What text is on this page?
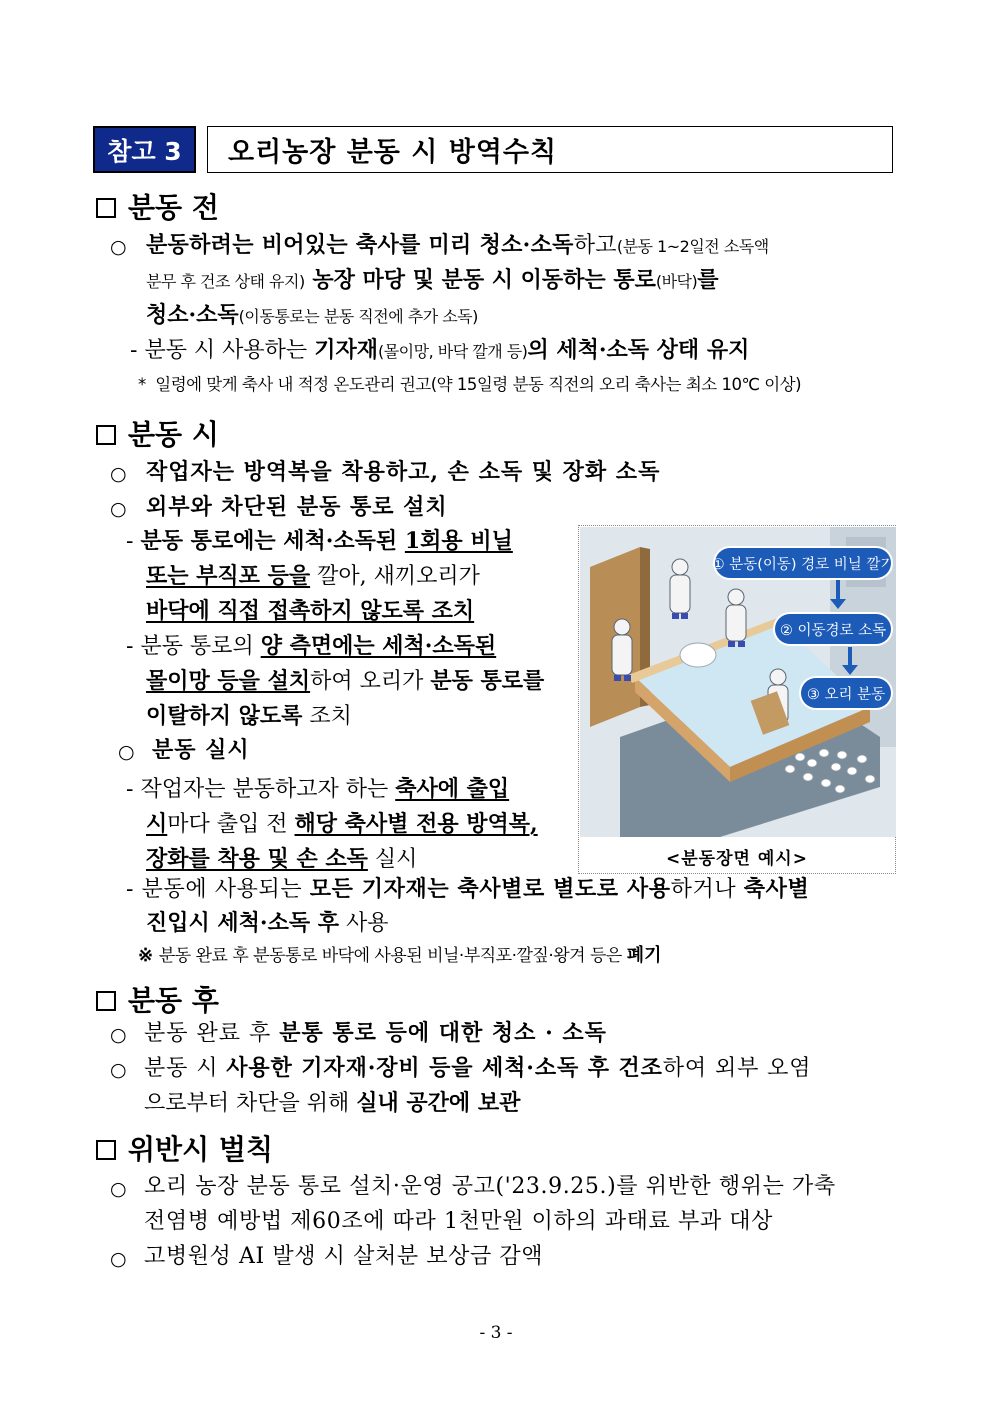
참고 3	오리농장 분동 시 방역수칙
분동 전
○ 분동하려는 비어있는 축사를 미리 청소·소독하고(분동 1~2일전 소독액
분무 후 건조 상태 유지) 농장 마당 및 분동 시 이동하는 통로(바닥)를
청소·소독(이동통로는 분동 직전에 추가 소독)
- 분동 시 사용하는 기자재(몰이망, 바닥 깔개 등)의 세척·소독 상태 유지
* 일령에 맞게 축사 내 적정 온도관리 권고(약 15일령 분동 직전의 오리 축사는 최소 10℃ 이상)
분동 시
○ 작업자는 방역복을 착용하고, 손 소독 및 장화 소독
○ 외부와 차단된 분동 통로 설치
- 분동 통로에는 세척·소독된 1회용 비닐
또는 부직포 등을 깔아, 새끼오리가
바닥에 직접 접촉하지 않도록 조치
- 분동 통로의 양 측면에는 세척·소독된
몰이망 등을 설치하여 오리가 분동 통로를
이탈하지 않도록 조치
○ 분동 실시
- 작업자는 분동하고자 하는 축사에 출입
시마다 출입 전 해당 축사별 전용 방역복,
장화를 착용 및 손 소독 실시
- 분동에 사용되는 모든 기자재는 축사별로 별도로 사용하거나 축사별
진입시 세척·소독 후 사용
※ 분동 완료 후 분동통로 바닥에 사용된 비닐·부직포·깔짚·왕겨 등은 폐기
① 분동(이동) 경로 비닐 깔기
② 이동경로 소독
③ 오리 분동
<분동장면 예시>
분동 후
○ 분동 완료 후 분통 통로 등에 대한 청소 · 소독
○ 분동 시 사용한 기자재·장비 등을 세척·소독 후 건조하여 외부 오염
으로부터 차단을 위해 실내 공간에 보관
위반시 벌칙
○ 오리 농장 분동 통로 설치·운영 공고('23.9.25.)를 위반한 행위는 가축
전염병 예방법 제60조에 따라 1천만원 이하의 과태료 부과 대상
○ 고병원성 AI 발생 시 살처분 보상금 감액
- 3 -
